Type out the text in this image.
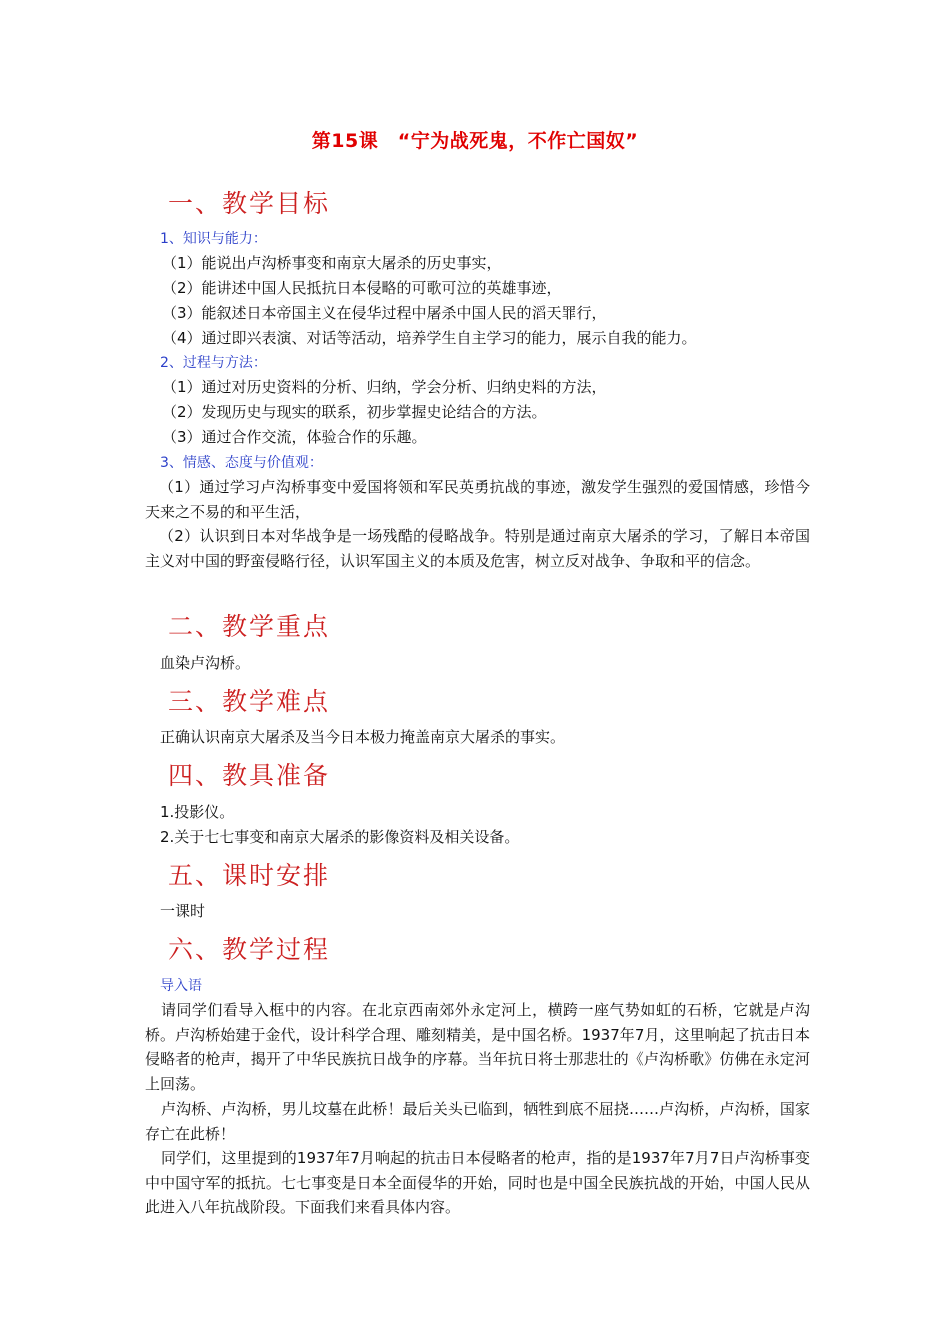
第15课　“宁为战死鬼，不作亡国奴”
一、教学目标
1、知识与能力：
（1）能说出卢沟桥事变和南京大屠杀的历史事实，
（2）能讲述中国人民抵抗日本侵略的可歌可泣的英雄事迹，
（3）能叙述日本帝国主义在侵华过程中屠杀中国人民的滔天罪行，
（4）通过即兴表演、对话等活动，培养学生自主学习的能力，展示自我的能力。
2、过程与方法：
（1）通过对历史资料的分析、归纳，学会分析、归纳史料的方法，
（2）发现历史与现实的联系，初步掌握史论结合的方法。
（3）通过合作交流，体验合作的乐趣。
3、情感、态度与价值观：
（1）通过学习卢沟桥事变中爱国将领和军民英勇抗战的事迹，激发学生强烈的爱国情感，珍惜今天来之不易的和平生活，
（2）认识到日本对华战争是一场残酷的侵略战争。特别是通过南京大屠杀的学习，了解日本帝国主义对中国的野蛮侵略行径，认识军国主义的本质及危害，树立反对战争、争取和平的信念。
二、教学重点
血染卢沟桥。
三、教学难点
正确认识南京大屠杀及当今日本极力掩盖南京大屠杀的事实。
四、教具准备
1.投影仪。
2.关于七七事变和南京大屠杀的影像资料及相关设备。
五、课时安排
一课时
六、教学过程
导入语
请同学们看导入框中的内容。在北京西南郊外永定河上，横跨一座气势如虹的石桥，它就是卢沟桥。卢沟桥始建于金代，设计科学合理、雕刻精美，是中国名桥。1937年7月，这里响起了抗击日本侵略者的枪声，揭开了中华民族抗日战争的序幕。当年抗日将士那悲壮的《卢沟桥歌》仿佛在永定河上回荡。
卢沟桥、卢沟桥，男儿坟墓在此桥！最后关头已临到，牺牲到底不屈挠……卢沟桥，卢沟桥，国家存亡在此桥！
同学们，这里提到的1937年7月响起的抗击日本侵略者的枪声，指的是1937年7月7日卢沟桥事变中中国守军的抵抗。七七事变是日本全面侵华的开始，同时也是中国全民族抗战的开始，中国人民从此进入八年抗战阶段。下面我们来看具体内容。
